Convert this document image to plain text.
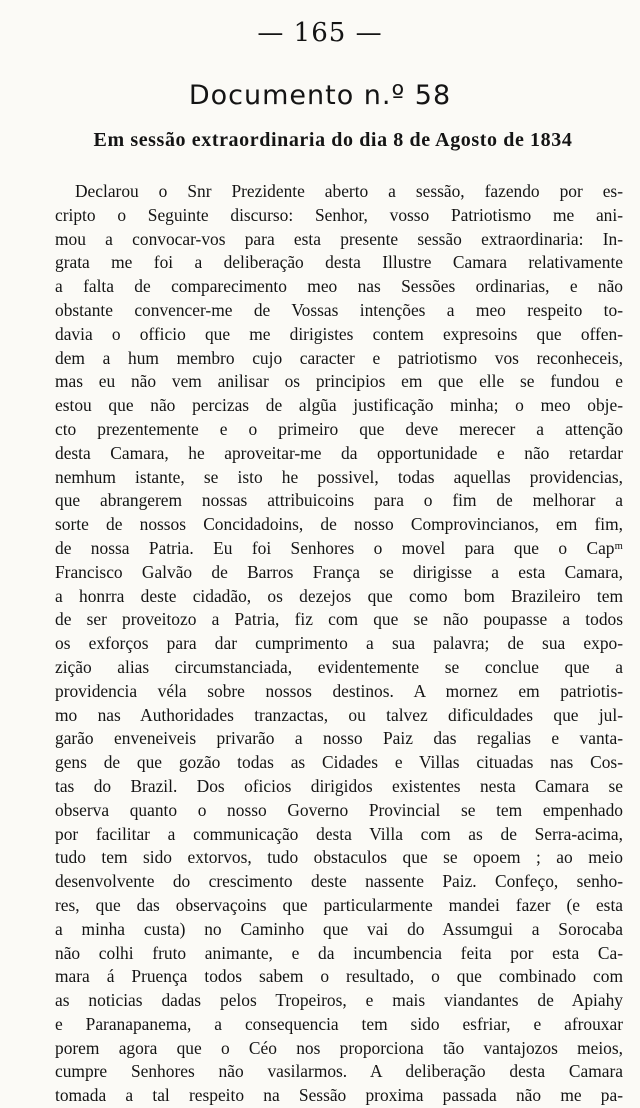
— 165 —
Documento n.º 58
Em sessão extraordinaria do dia 8 de Agosto de 1834
Declarou o Snr Prezidente aberto a sessão, fazendo por es-
cripto o Seguinte discurso: Senhor, vosso Patriotismo me ani-
mou a convocar-vos para esta presente sessão extraordinaria: In-
grata me foi a deliberação desta Illustre Camara relativamente
a falta de comparecimento meo nas Sessões ordinarias, e não
obstante convencer-me de Vossas intenções a meo respeito to-
davia o officio que me dirigistes contem expresoins que offen-
dem a hum membro cujo caracter e patriotismo vos reconheceis,
mas eu não vem anilisar os principios em que elle se fundou e
estou que não percizas de algũa justificação minha; o meo obje-
cto prezentemente e o primeiro que deve merecer a attenção
desta Camara, he aproveitar-me da opportunidade e não retardar
nemhum istante, se isto he possivel, todas aquellas providencias,
que abrangerem nossas attribuicoins para o fim de melhorar a
sorte de nossos Concidadoins, de nosso Comprovincianos, em fim,
de nossa Patria. Eu foi Senhores o movel para que o Capᵐ
Francisco Galvão de Barros França se dirigisse a esta Camara,
a honrra deste cidadão, os dezejos que como bom Brazileiro tem
de ser proveitozo a Patria, fiz com que se não poupasse a todos
os exforços para dar cumprimento a sua palavra; de sua expo-
zição alias circumstanciada, evidentemente se conclue que a
providencia véla sobre nossos destinos. A mornez em patriotis-
mo nas Authoridades tranzactas, ou talvez dificuldades que jul-
garão enveneiveis privarão a nosso Paiz das regalias e vanta-
gens de que gozão todas as Cidades e Villas cituadas nas Cos-
tas do Brazil. Dos oficios dirigidos existentes nesta Camara se
observa quanto o nosso Governo Provincial se tem empenhado
por facilitar a communicação desta Villa com as de Serra-acima,
tudo tem sido extorvos, tudo obstaculos que se opoem ; ao meio
desenvolvente do crescimento deste nassente Paiz. Confeço, senho-
res, que das observaçoins que particularmente mandei fazer (e esta
a minha custa) no Caminho que vai do Assumgui a Sorocaba
não colhi fruto animante, e da incumbencia feita por esta Ca-
mara á Pruença todos sabem o resultado, o que combinado com
as noticias dadas pelos Tropeiros, e mais viandantes de Apiahy
e Paranapanema, a consequencia tem sido esfriar, e afrouxar
porem agora que o Céo nos proporciona tão vantajozos meios,
cumpre Senhores não vasilarmos. A deliberação desta Camara
tomada a tal respeito na Sessão proxima passada não me pa-
